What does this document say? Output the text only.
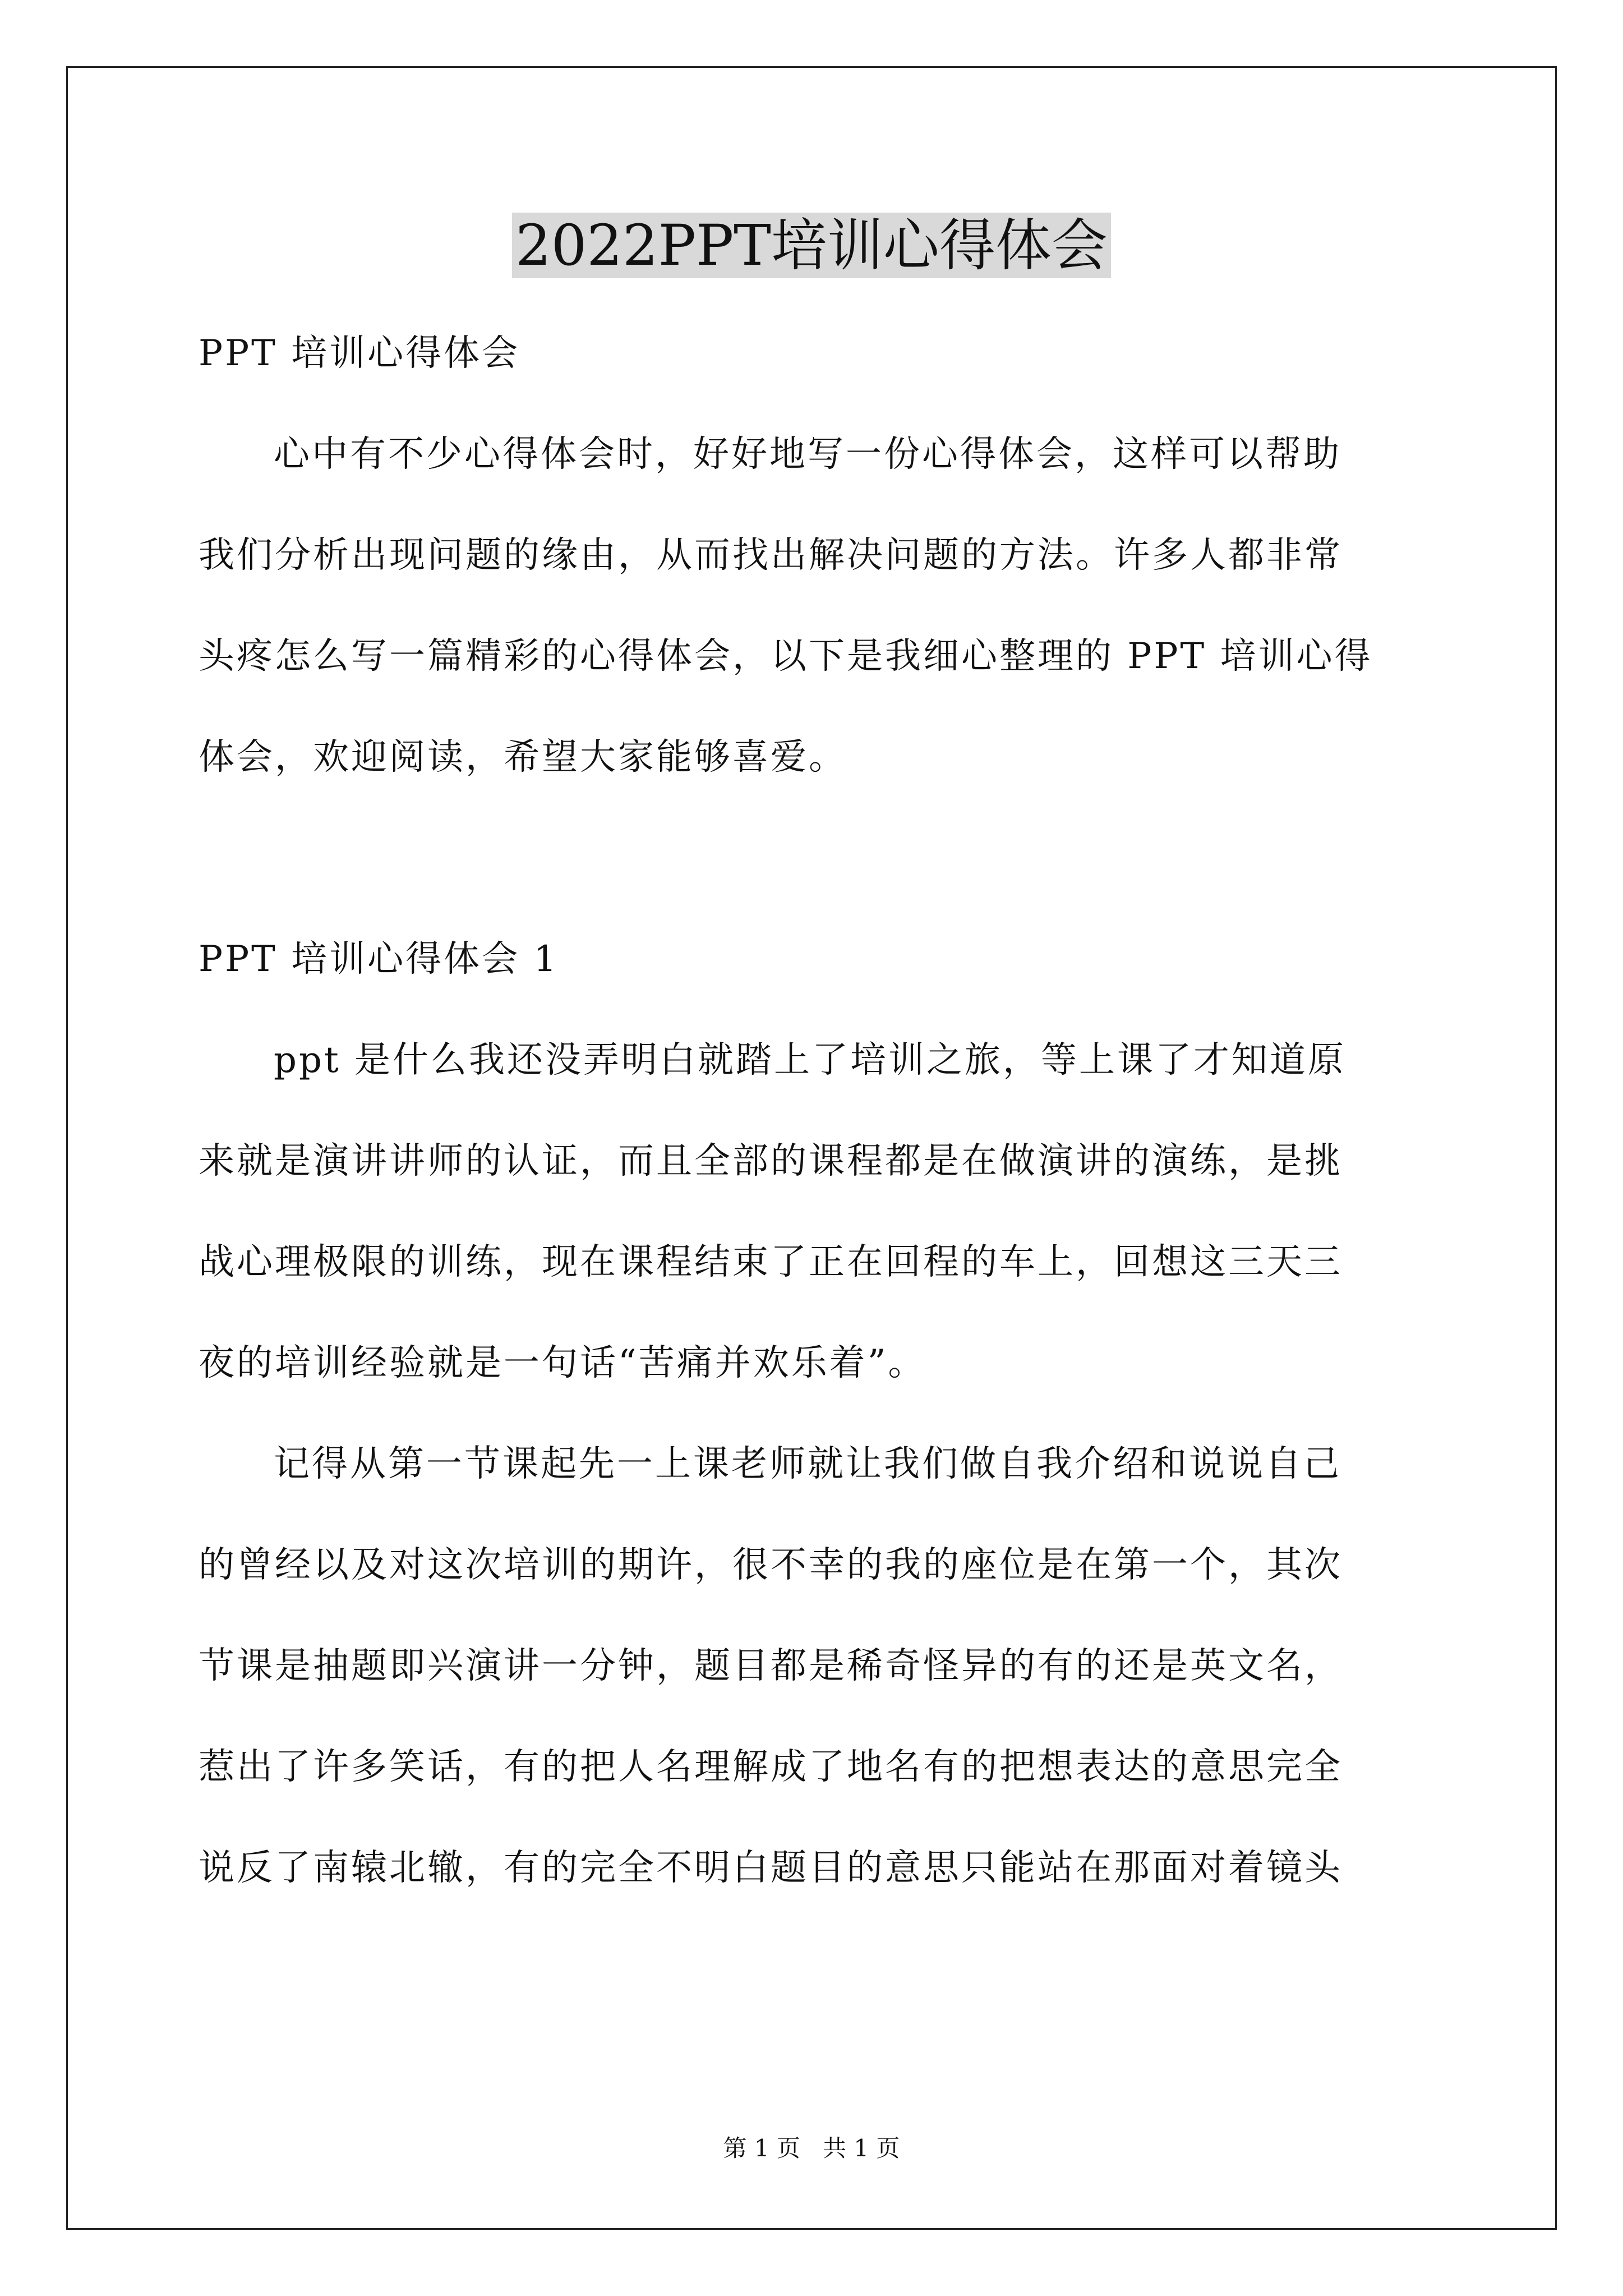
2022PPT培训心得体会
PPT 培训心得体会
心中有不少心得体会时，好好地写一份心得体会，这样可以帮助
我们分析出现问题的缘由，从而找出解决问题的方法。许多人都非常
头疼怎么写一篇精彩的心得体会，以下是我细心整理的 PPT 培训心得
体会，欢迎阅读，希望大家能够喜爱。
PPT 培训心得体会 1
ppt 是什么我还没弄明白就踏上了培训之旅，等上课了才知道原
来就是演讲讲师的认证，而且全部的课程都是在做演讲的演练，是挑
战心理极限的训练，现在课程结束了正在回程的车上，回想这三天三
夜的培训经验就是一句话“苦痛并欢乐着”。
记得从第一节课起先一上课老师就让我们做自我介绍和说说自己
的曾经以及对这次培训的期许，很不幸的我的座位是在第一个，其次
节课是抽题即兴演讲一分钟，题目都是稀奇怪异的有的还是英文名，
惹出了许多笑话，有的把人名理解成了地名有的把想表达的意思完全
说反了南辕北辙，有的完全不明白题目的意思只能站在那面对着镜头
第 1 页 共 1 页
